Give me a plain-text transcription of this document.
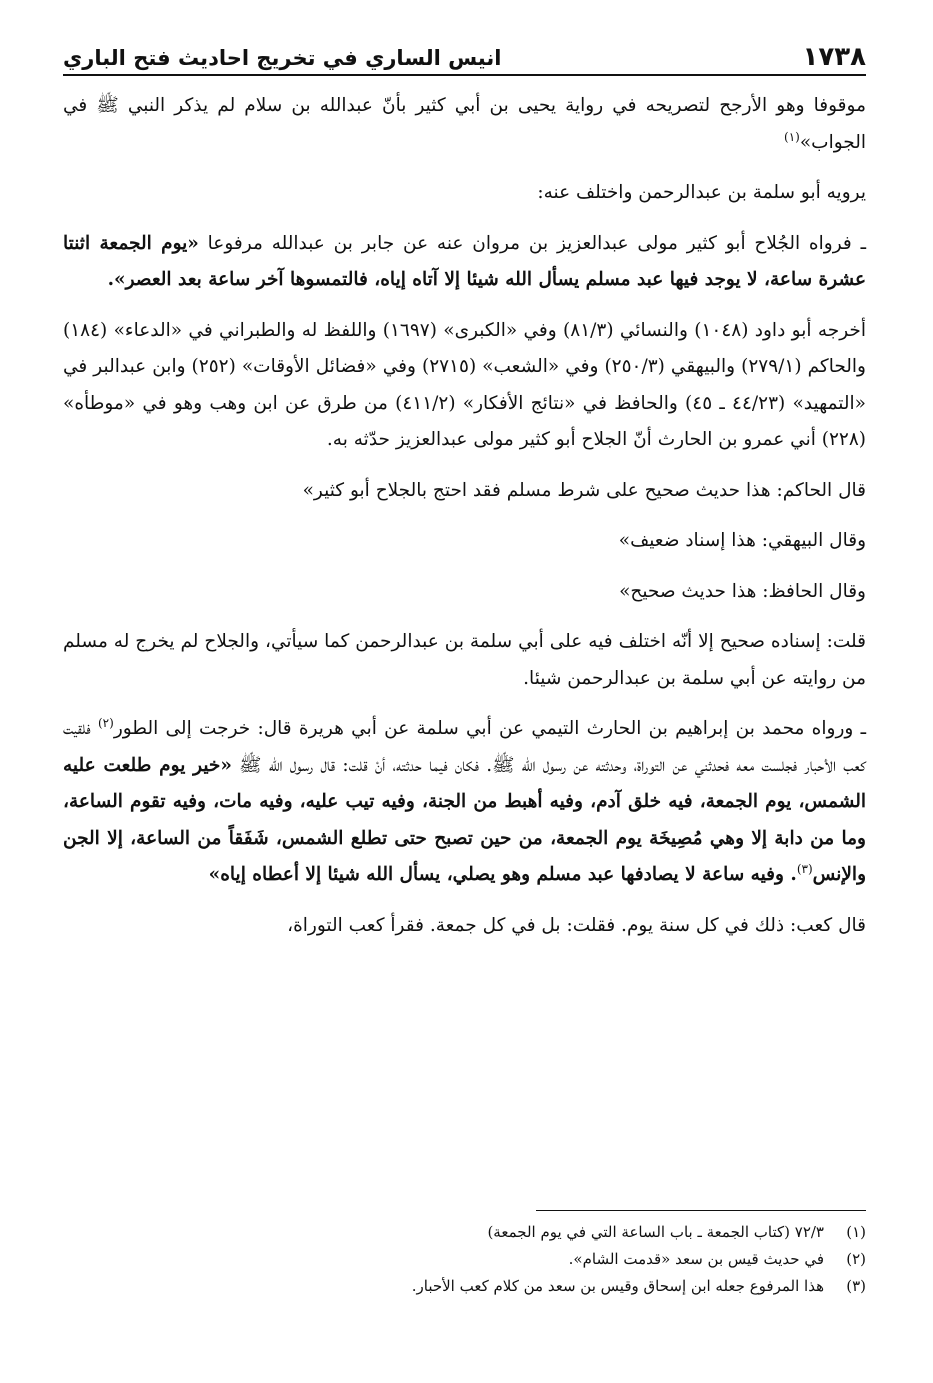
١٧٣٨
انيس الساري في تخريج احاديث فتح الباري

موقوفا وهو الأرجح لتصريحه في رواية يحيى بن أبي كثير بأنّ عبدالله بن سلام لم يذكر النبي ﷺ في الجواب»$^{(١)}$

يرويه أبو سلمة بن عبدالرحمن واختلف عنه:

ـ فرواه الجُلاح أبو كثير مولى عبدالعزيز بن مروان عنه عن جابر بن عبدالله مرفوعا «يوم الجمعة اثنتا عشرة ساعة، لا يوجد فيها عبد مسلم يسأل الله شيئا إلا آتاه إياه، فالتمسوها آخر ساعة بعد العصر».

أخرجه أبو داود (١٠٤٨) والنسائي (٨١/٣) وفي «الكبرى» (١٦٩٧) واللفظ له والطبراني في «الدعاء» (١٨٤) والحاكم (٢٧٩/١) والبيهقي (٢٥٠/٣) وفي «الشعب» (٢٧١٥) وفي «فضائل الأوقات» (٢٥٢) وابن عبدالبر في «التمهيد» (٤٤/٢٣ ـ ٤٥) والحافظ في «نتائج الأفكار» (٤١١/٢) من طرق عن ابن وهب وهو في «موطأه» (٢٢٨) أني عمرو بن الحارث أنّ الجلاح أبو كثير مولى عبدالعزيز حدّثه به.

قال الحاكم: هذا حديث صحيح على شرط مسلم فقد احتج بالجلاح أبو كثير»

وقال البيهقي: هذا إسناد ضعيف»

وقال الحافظ: هذا حديث صحيح»

قلت: إسناده صحيح إلا أنّه اختلف فيه على أبي سلمة بن عبدالرحمن كما سيأتي، والجلاح لم يخرج له مسلم من روايته عن أبي سلمة بن عبدالرحمن شيئا.

ـ ورواه محمد بن إبراهيم بن الحارث التيمي عن أبي سلمة عن أبي هريرة قال: خرجت إلى الطور$^{(٢)}$ فلقيت كعب الأحبار فجلست معه فحدثني عن التوراة، وحدثته عن رسول الله ﷺ. فكان فيما حدثته، أنْ قلت: قال رسول الله ﷺ «خير يوم طلعت عليه الشمس، يوم الجمعة، فيه خلق آدم، وفيه أهبط من الجنة، وفيه تيب عليه، وفيه مات، وفيه تقوم الساعة، وما من دابة إلا وهي مُصِيخَة يوم الجمعة، من حين تصبح حتى تطلع الشمس، شَفَقاً من الساعة، إلا الجن والإنس$^{(٣)}$. وفيه ساعة لا يصادفها عبد مسلم وهو يصلي، يسأل الله شيئا إلا أعطاه إياه»

قال كعب: ذلك في كل سنة يوم. فقلت: بل في كل جمعة. فقرأ كعب التوراة،

(١)
٧٢/٣ (كتاب الجمعة ـ باب الساعة التي في يوم الجمعة)
(٢)
في حديث قيس بن سعد «قدمت الشام».
(٣)
هذا المرفوع جعله ابن إسحاق وقيس بن سعد من كلام كعب الأحبار.
